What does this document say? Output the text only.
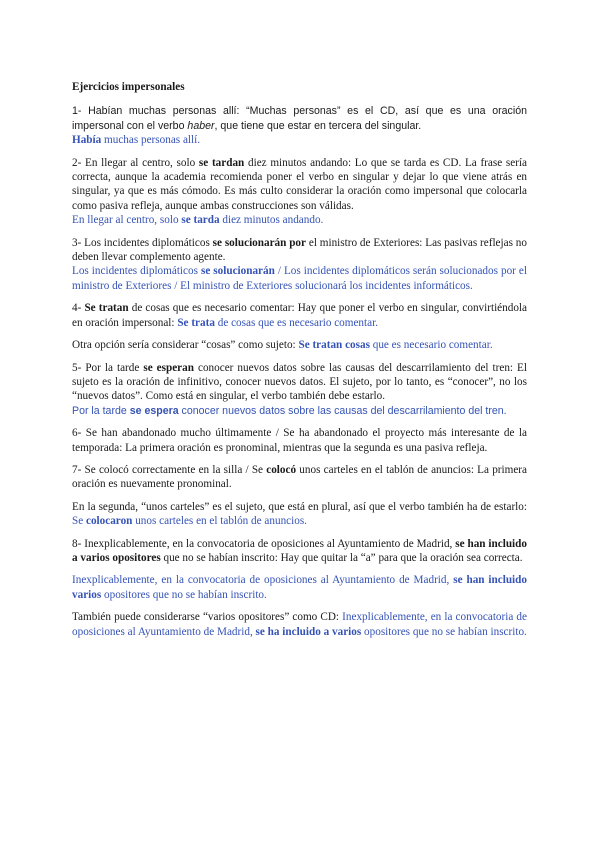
Ejercicios impersonales

1- Habían muchas personas allí: “Muchas personas” es el CD, así que es una oración impersonal con el verbo haber, que tiene que estar en tercera del singular.

Había muchas personas allí.

2- En llegar al centro, solo se tardan diez minutos andando: Lo que se tarda es CD. La frase sería correcta, aunque la academia recomienda poner el verbo en singular y dejar lo que viene atrás en singular, ya que es más cómodo. Es más culto considerar la oración como impersonal que colocarla como pasiva refleja, aunque ambas construcciones son válidas.

En llegar al centro, solo se tarda diez minutos andando.

3- Los incidentes diplomáticos se solucionarán por el ministro de Exteriores: Las pasivas reflejas no deben llevar complemento agente.

Los incidentes diplomáticos se solucionarán / Los incidentes diplomáticos serán solucionados por el ministro de Exteriores / El ministro de Exteriores solucionará los incidentes informáticos.

4- Se tratan de cosas que es necesario comentar: Hay que poner el verbo en singular, convirtiéndola en oración impersonal: Se trata de cosas que es necesario comentar.

Otra opción sería considerar “cosas” como sujeto: Se tratan cosas que es necesario comentar.

5- Por la tarde se esperan conocer nuevos datos sobre las causas del descarrilamiento del tren: El sujeto es la oración de infinitivo, conocer nuevos datos. El sujeto, por lo tanto, es “conocer”, no los “nuevos datos”. Como está en singular, el verbo también debe estarlo.

Por la tarde se espera conocer nuevos datos sobre las causas del descarrilamiento del tren.

6- Se han abandonado mucho últimamente / Se ha abandonado el proyecto más interesante de la temporada: La primera oración es pronominal, mientras que la segunda es una pasiva refleja.

7- Se colocó correctamente en la silla / Se colocó unos carteles en el tablón de anuncios: La primera oración es nuevamente pronominal.

En la segunda, “unos carteles” es el sujeto, que está en plural, así que el verbo también ha de estarlo: Se colocaron unos carteles en el tablón de anuncios.

8- Inexplicablemente, en la convocatoria de oposiciones al Ayuntamiento de Madrid, se han incluido a varios opositores que no se habían inscrito: Hay que quitar la “a” para que la oración sea correcta.

Inexplicablemente, en la convocatoria de oposiciones al Ayuntamiento de Madrid, se han incluido varios opositores que no se habían inscrito.

También puede considerarse “varios opositores” como CD: Inexplicablemente, en la convocatoria de oposiciones al Ayuntamiento de Madrid, se ha incluido a varios opositores que no se habían inscrito.
